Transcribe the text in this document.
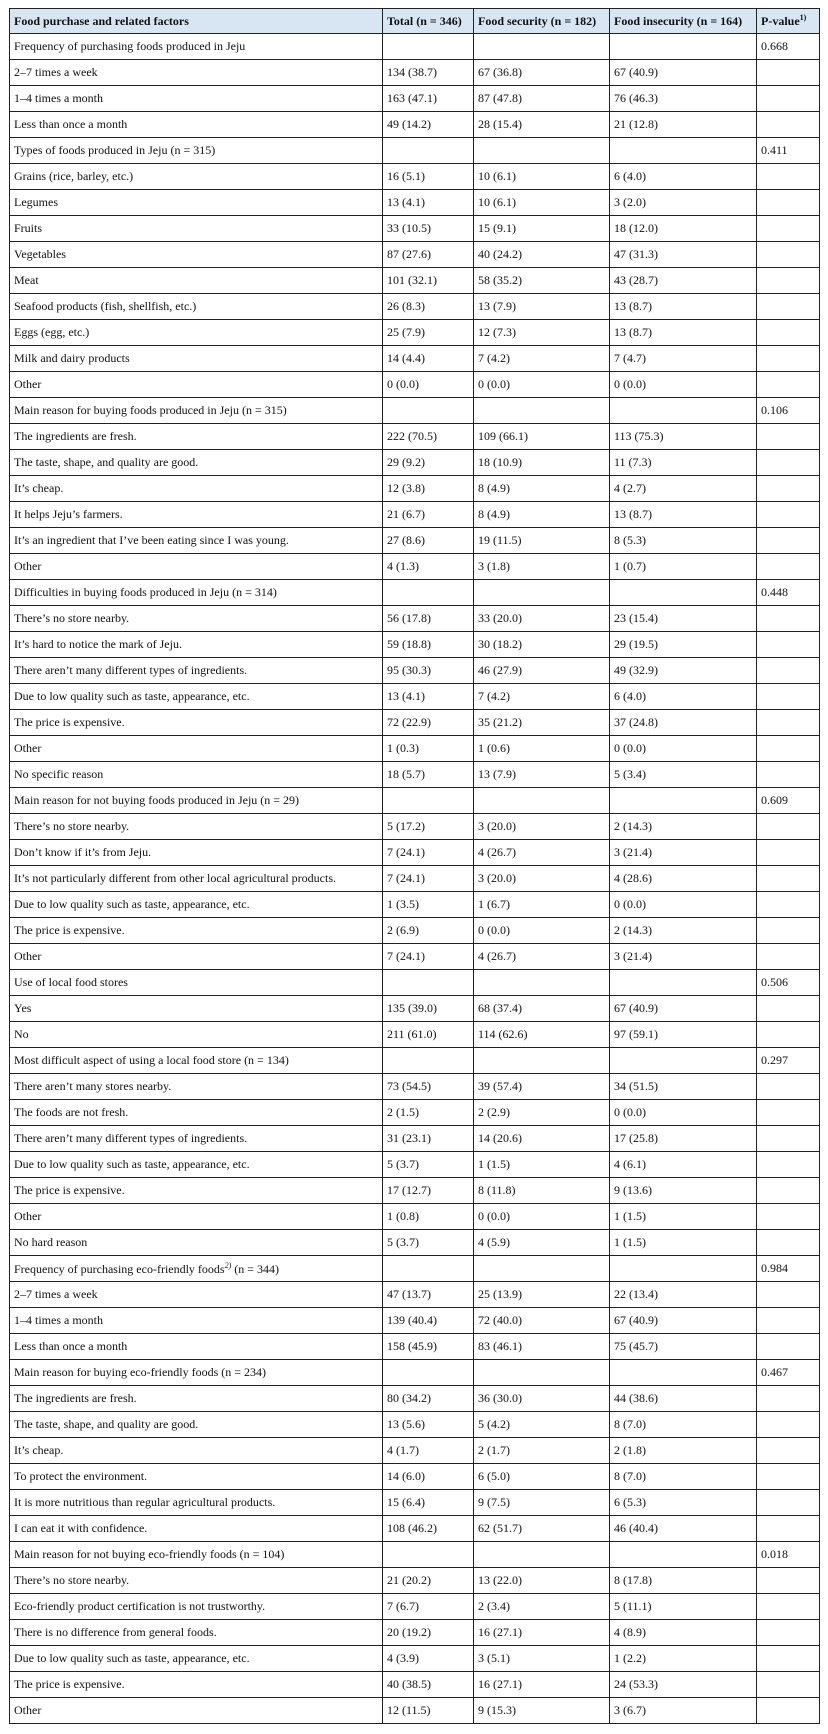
Food purchase and related factors	Total (n = 346)	Food security (n = 182)	Food insecurity (n = 164)	P-value$^{1)}$
Frequency of purchasing foods produced in Jeju				0.668
2–7 times a week	134 (38.7)	67 (36.8)	67 (40.9)	
1–4 times a month	163 (47.1)	87 (47.8)	76 (46.3)	
Less than once a month	49 (14.2)	28 (15.4)	21 (12.8)	
Types of foods produced in Jeju (n = 315)				0.411
Grains (rice, barley, etc.)	16 (5.1)	10 (6.1)	6 (4.0)	
Legumes	13 (4.1)	10 (6.1)	3 (2.0)	
Fruits	33 (10.5)	15 (9.1)	18 (12.0)	
Vegetables	87 (27.6)	40 (24.2)	47 (31.3)	
Meat	101 (32.1)	58 (35.2)	43 (28.7)	
Seafood products (fish, shellfish, etc.)	26 (8.3)	13 (7.9)	13 (8.7)	
Eggs (egg, etc.)	25 (7.9)	12 (7.3)	13 (8.7)	
Milk and dairy products	14 (4.4)	7 (4.2)	7 (4.7)	
Other	0 (0.0)	0 (0.0)	0 (0.0)	
Main reason for buying foods produced in Jeju (n = 315)				0.106
The ingredients are fresh.	222 (70.5)	109 (66.1)	113 (75.3)	
The taste, shape, and quality are good.	29 (9.2)	18 (10.9)	11 (7.3)	
It’s cheap.	12 (3.8)	8 (4.9)	4 (2.7)	
It helps Jeju’s farmers.	21 (6.7)	8 (4.9)	13 (8.7)	
It’s an ingredient that I’ve been eating since I was young.	27 (8.6)	19 (11.5)	8 (5.3)	
Other	4 (1.3)	3 (1.8)	1 (0.7)	
Difficulties in buying foods produced in Jeju (n = 314)				0.448
There’s no store nearby.	56 (17.8)	33 (20.0)	23 (15.4)	
It’s hard to notice the mark of Jeju.	59 (18.8)	30 (18.2)	29 (19.5)	
There aren’t many different types of ingredients.	95 (30.3)	46 (27.9)	49 (32.9)	
Due to low quality such as taste, appearance, etc.	13 (4.1)	7 (4.2)	6 (4.0)	
The price is expensive.	72 (22.9)	35 (21.2)	37 (24.8)	
Other	1 (0.3)	1 (0.6)	0 (0.0)	
No specific reason	18 (5.7)	13 (7.9)	5 (3.4)	
Main reason for not buying foods produced in Jeju (n = 29)				0.609
There’s no store nearby.	5 (17.2)	3 (20.0)	2 (14.3)	
Don’t know if it’s from Jeju.	7 (24.1)	4 (26.7)	3 (21.4)	
It’s not particularly different from other local agricultural products.	7 (24.1)	3 (20.0)	4 (28.6)	
Due to low quality such as taste, appearance, etc.	1 (3.5)	1 (6.7)	0 (0.0)	
The price is expensive.	2 (6.9)	0 (0.0)	2 (14.3)	
Other	7 (24.1)	4 (26.7)	3 (21.4)	
Use of local food stores				0.506
Yes	135 (39.0)	68 (37.4)	67 (40.9)	
No	211 (61.0)	114 (62.6)	97 (59.1)	
Most difficult aspect of using a local food store (n = 134)				0.297
There aren’t many stores nearby.	73 (54.5)	39 (57.4)	34 (51.5)	
The foods are not fresh.	2 (1.5)	2 (2.9)	0 (0.0)	
There aren’t many different types of ingredients.	31 (23.1)	14 (20.6)	17 (25.8)	
Due to low quality such as taste, appearance, etc.	5 (3.7)	1 (1.5)	4 (6.1)	
The price is expensive.	17 (12.7)	8 (11.8)	9 (13.6)	
Other	1 (0.8)	0 (0.0)	1 (1.5)	
No hard reason	5 (3.7)	4 (5.9)	1 (1.5)	
Frequency of purchasing eco-friendly foods$^{2)}$ (n = 344)				0.984
2–7 times a week	47 (13.7)	25 (13.9)	22 (13.4)	
1–4 times a month	139 (40.4)	72 (40.0)	67 (40.9)	
Less than once a month	158 (45.9)	83 (46.1)	75 (45.7)	
Main reason for buying eco-friendly foods (n = 234)				0.467
The ingredients are fresh.	80 (34.2)	36 (30.0)	44 (38.6)	
The taste, shape, and quality are good.	13 (5.6)	5 (4.2)	8 (7.0)	
It’s cheap.	4 (1.7)	2 (1.7)	2 (1.8)	
To protect the environment.	14 (6.0)	6 (5.0)	8 (7.0)	
It is more nutritious than regular agricultural products.	15 (6.4)	9 (7.5)	6 (5.3)	
I can eat it with confidence.	108 (46.2)	62 (51.7)	46 (40.4)	
Main reason for not buying eco-friendly foods (n = 104)				0.018
There’s no store nearby.	21 (20.2)	13 (22.0)	8 (17.8)	
Eco-friendly product certification is not trustworthy.	7 (6.7)	2 (3.4)	5 (11.1)	
There is no difference from general foods.	20 (19.2)	16 (27.1)	4 (8.9)	
Due to low quality such as taste, appearance, etc.	4 (3.9)	3 (5.1)	1 (2.2)	
The price is expensive.	40 (38.5)	16 (27.1)	24 (53.3)	
Other	12 (11.5)	9 (15.3)	3 (6.7)	
